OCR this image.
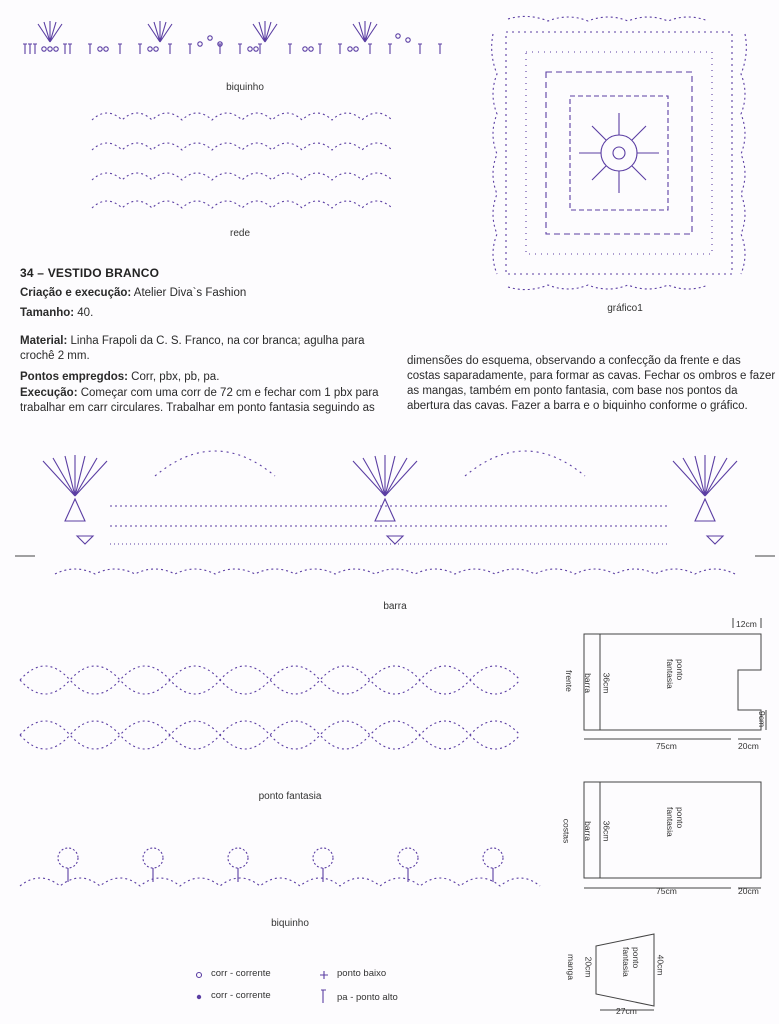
biquinho
rede
gráfico1
34 – VESTIDO BRANCO
Criação e execução: Atelier Diva`s Fashion
Tamanho: 40.
Material: Linha Frapoli da C. S. Franco, na cor branca; agulha para crochê 2 mm.
Pontos empregdos: Corr, pbx, pb, pa.
Execução: Começar com uma corr de 72 cm e fechar com 1 pbx para trabalhar em carr circulares. Trabalhar em ponto fantasia seguindo as
dimensões do esquema, observando a confecção da frente e das costas saparadamente, para formar as cavas. Fechar os ombros e fazer as mangas, também em ponto fantasia, com base nos pontos da abertura das cavas. Fazer a barra e o biquinho conforme o gráfico.
barra
ponto fantasia
biquinho
corr - corrente
corr - corrente
ponto baixo
pa - ponto alto
12cm
frente barra 36cm
ponto fantasia
9cm
75cm	20cm
costas barra 36cm
ponto fantasia
75cm	20cm
manga 20cm	ponto fantasia	40cm
27cm
